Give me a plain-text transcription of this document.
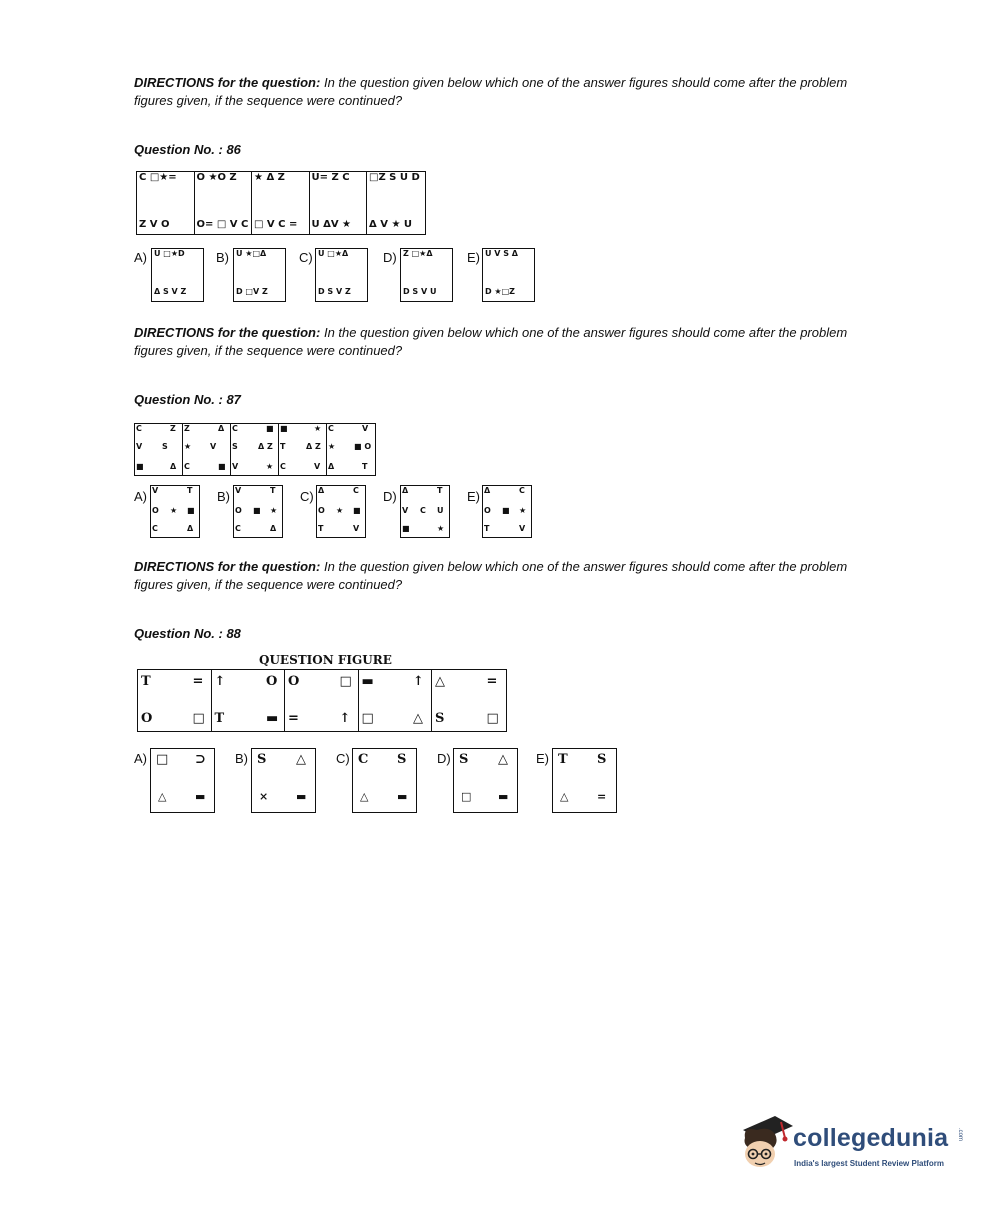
DIRECTIONS for the question: In the question given below which one of the answer figures should come after the problem figures given, if the sequence were continued?
Question No. : 86
C □★=
Z V O
O ★O Z
O= □ V C
★ Δ Z
□ V C =
U= Z C
U ΔV ★
□Z S U D
Δ V ★ U
A) U □★D
Δ S V Z
B) U ★□Δ
D □V Z
C) U □★Δ
D S V Z
D) Z □★Δ
D S V U
E) U V S Δ
D ★□Z
DIRECTIONS for the question: In the question given below which one of the answer figures should come after the problem figures given, if the sequence were continued?
Question No. : 87
C	Z
V S
■	Δ
Z	Δ
★ V
C	■
C	■
S	Δ Z
V	★
■	★
T	Δ Z
C	V
C	V
★ ■ O
Δ	T
A) V	T
O ★ ■
C	Δ
B) V	T
O ■ ★
C	Δ
C) Δ	C
O ★ ■
T	V
D) Δ	T
V C U
■	★
E) Δ	C
O ■ ★
T	V
DIRECTIONS for the question: In the question given below which one of the answer figures should come after the problem figures given, if the sequence were continued?
Question No. : 88
QUESTION FIGURE
T	=
O	□
↑	O
T	▬
O	□
=	↑
▬	↑
□	△
△	=
S	□
A) □ ⊃
△	▬
B) S △
×	▬
C) C S
△	▬
D) S △
□ ▬
E) T S
△	=
collegedunia .com
India's largest Student Review Platform
